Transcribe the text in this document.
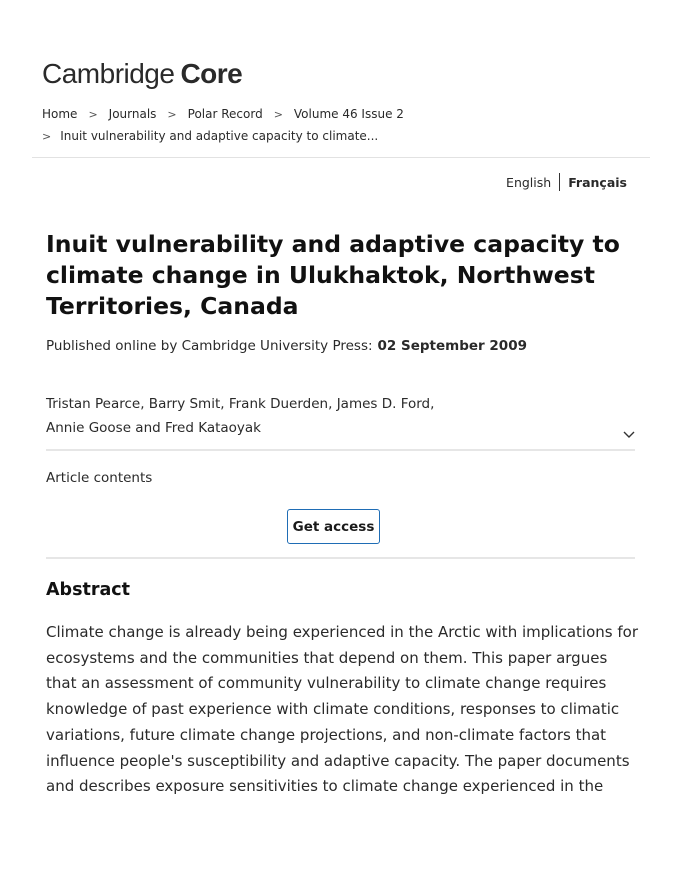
Cambridge Core
Home > Journals > Polar Record > Volume 46 Issue 2
> Inuit vulnerability and adaptive capacity to climate...
English Français
Inuit vulnerability and adaptive capacity to climate change in Ulukhaktok, Northwest Territories, Canada
Published online by Cambridge University Press: 02 September 2009
Tristan Pearce, Barry Smit, Frank Duerden, James D. Ford,
Annie Goose and Fred Kataoyak
Article contents
Get access
Abstract

Climate change is already being experienced in the Arctic with implications for ecosystems and the communities that depend on them. This paper argues that an assessment of community vulnerability to climate change requires knowledge of past experience with climate conditions, responses to climatic variations, future climate change projections, and non-climate factors that influence people's susceptibility and adaptive capacity. The paper documents and describes exposure sensitivities to climate change experienced in the
